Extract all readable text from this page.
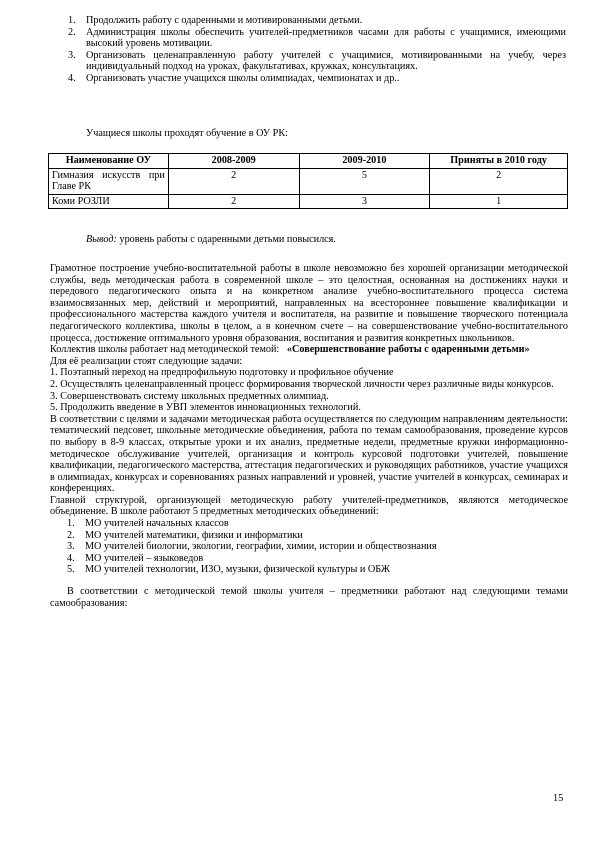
1.	Продолжить работу с одаренными и мотивированными детьми.
2.	Администрация школы обеспечить учителей-предметников часами для работы с учащимися, имеющими высокий уровень мотивации.
3.	Организовать целенаправленную работу учителей с учащимися, мотивированными на учебу, через индивидуальный подход на уроках, факультативах, кружках, консультациях.
4.	Организовать участие учащихся школы олимпиадах, чемпионатах и др..
Учащиеся школы проходят обучение в ОУ РК:
Наименование ОУ	2008-2009	2009-2010	Приняты в 2010 году
Гимназия искусств при Главе РК	2	5	2
Коми РОЗЛИ	2	3	1
Вывод: уровень работы с одаренными детьми повысился.

Грамотное построение учебно-воспитательной работы в школе невозможно без хорошей организации методической службы, ведь методическая работа в современной школе – это целостная, основанная на достижениях науки и передового педагогического опыта и на конкретном анализе учебно-воспитательного процесса система взаимосвязанных мер, действий и мероприятий, направленных на всестороннее повышение квалификации и профессионального мастерства каждого учителя и воспитателя, на развитие и повышение творческого потенциала педагогического коллектива, школы в целом, а в конечном счете – на совершенствование учебно-воспитательного процесса, достижение оптимального уровня образования, воспитания и развития конкретных школьников.

Коллектив школы работает над методической темой: «Совершенствование работы с одаренными детьми»

Для её реализации стоят следующие задачи:

1. Поэтапный переход на предпрофильную подготовку и профильное обучение

2. Осуществлять целенаправленный процесс формирования творческой личности через различные виды конкурсов.

3. Совершенствовать систему школьных предметных олимпиад.

5. Продолжить введение в УВП элементов инновационных технологий.

В соответствии с целями и задачами методическая работа осуществляется по следующим направлениям деятельности: тематический педсовет, школьные методические объединения, работа по темам самообразования, проведение курсов по выбору в 8-9 классах, открытые уроки и их анализ, предметные недели, предметные кружки информационно-методическое обслуживание учителей, организация и контроль курсовой подготовки учителей, повышение квалификации, педагогического мастерства, аттестация педагогических и руководящих работников, участие учащихся в олимпиадах, конкурсах и соревнованиях разных направлений и уровней, участие учителей в конкурсах, семинарах и конференциях.

Главной структурой, организующей методическую работу учителей-предметников, являются методическое объединение. В школе работают 5 предметных методических объединений:

1.	МО учителей начальных классов
2.	МО учителей математики, физики и информатики
3.	МО учителей биологии, экологии, географии, химии, истории и обществознания
4.	МО учителей – языковедов
5.	МО учителей технологии, ИЗО, музыки, физической культуры и ОБЖ

В соответствии с методической темой школы учителя – предметники работают над следующими темами самообразования:

15
